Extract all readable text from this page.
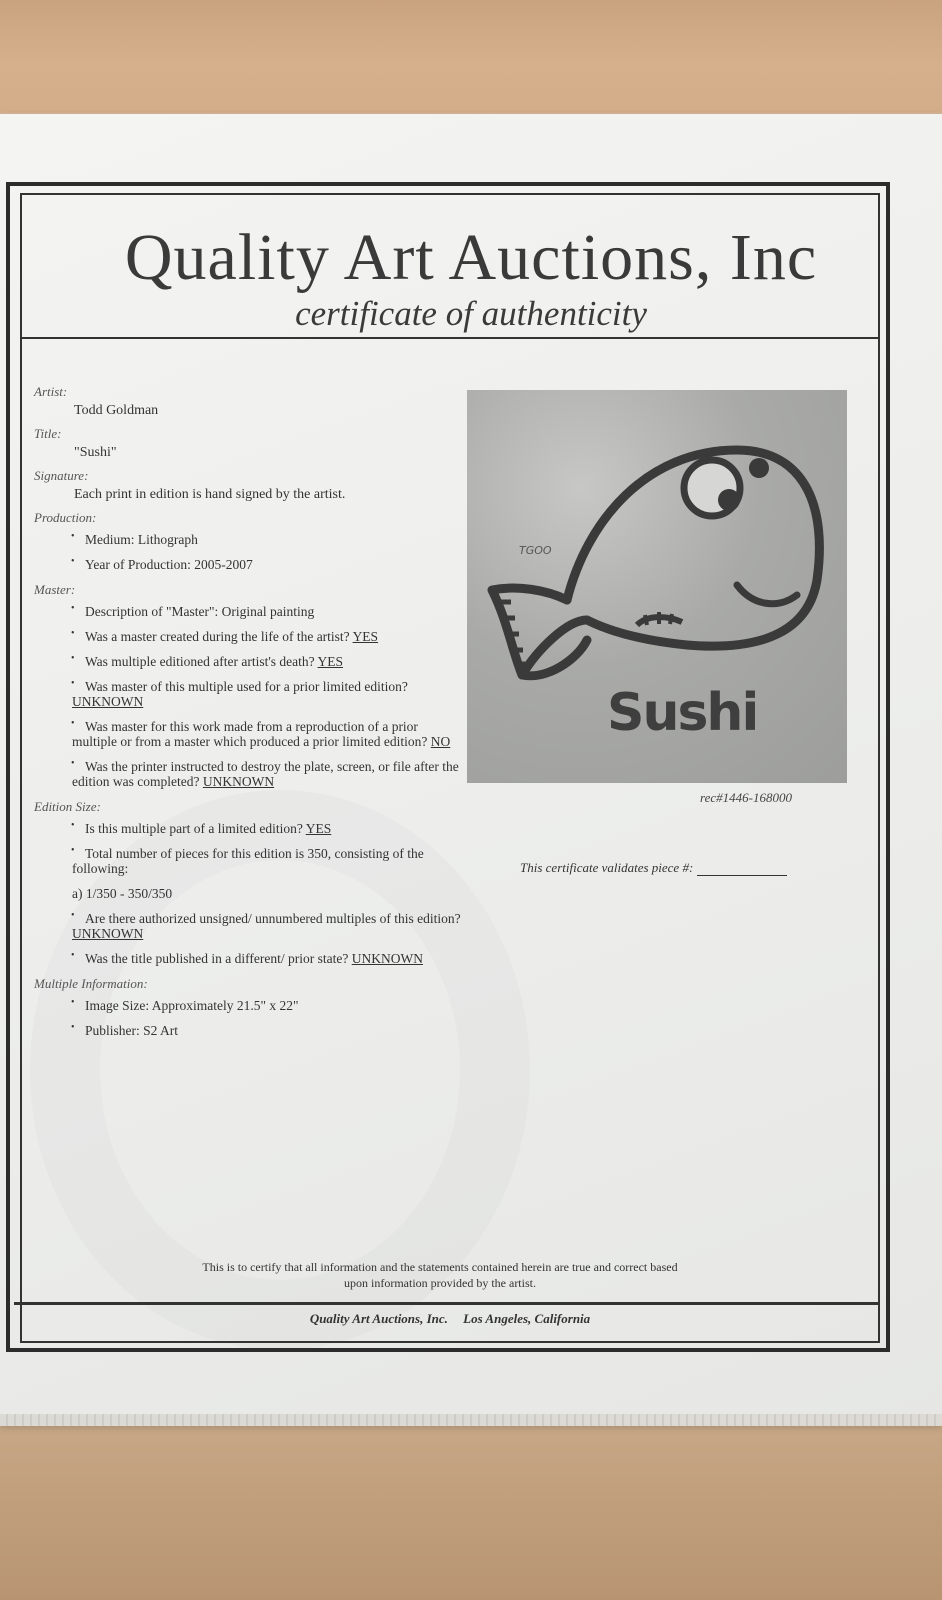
Quality Art Auctions, Inc
certificate of authenticity

Artist:

Todd Goldman

Title:

"Sushi"

Signature:

Each print in edition is hand signed by the artist.

Production:

• Medium: Lithograph

• Year of Production: 2005-2007

Master:

• Description of "Master": Original painting

• Was a master created during the life of the artist? YES

• Was multiple editioned after artist's death? YES

• Was master of this multiple used for a prior limited edition? UNKNOWN

• Was master for this work made from a reproduction of a prior multiple or from a master which produced a prior limited edition? NO

• Was the printer instructed to destroy the plate, screen, or file after the edition was completed? UNKNOWN

Edition Size:

• Is this multiple part of a limited edition? YES

• Total number of pieces for this edition is 350, consisting of the following:

a) 1/350 - 350/350

• Are there authorized unsigned/ unnumbered multiples of this edition? UNKNOWN

• Was the title published in a different/ prior state? UNKNOWN

Multiple Information:

• Image Size: Approximately 21.5" x 22"

• Publisher: S2 Art

TGOO
Sushi
rec#1446-168000
This certificate validates piece #:
This is to certify that all information and the statements contained herein are true and correct based upon information provided by the artist.
Quality Art Auctions, Inc. Los Angeles, California
